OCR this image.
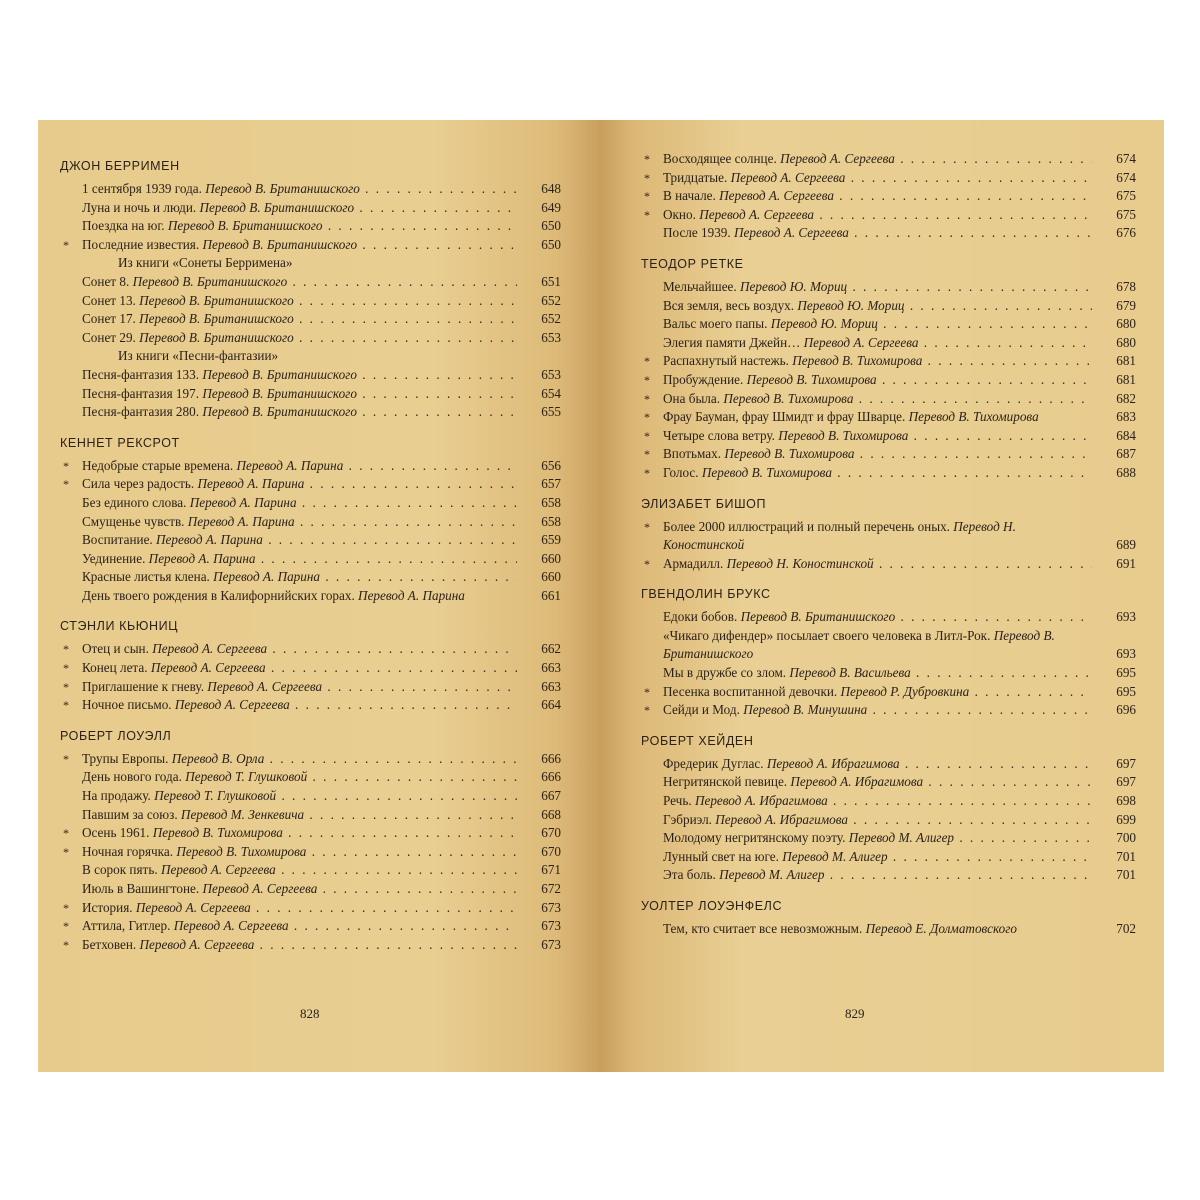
ДЖОН БЕРРИМЕН
1 сентября 1939 года. Перевод В. Британишского . . .	648
Луна и ночь и люди. Перевод В. Британишского . . .	649
Поездка на юг. Перевод В. Британишского . . .	650
* Последние известия. Перевод В. Британишского . . .	650
Из книги «Сонеты Берримена»
Сонет 8. Перевод В. Британишского . . .	651
Сонет 13. Перевод В. Британишского . . .	652
Сонет 17. Перевод В. Британишского . . .	652
Сонет 29. Перевод В. Британишского . . .	653
Из книги «Песни-фантазии»
Песня-фантазия 133. Перевод В. Британишского . . .	653
Песня-фантазия 197. Перевод В. Британишского . . .	654
Песня-фантазия 280. Перевод В. Британишского . . .	655
КЕННЕТ РЕКСРОТ
* Недобрые старые времена. Перевод А. Парина . . .	656
* Сила через радость. Перевод А. Парина . . .	657
Без единого слова. Перевод А. Парина . . .	658
Смущенье чувств. Перевод А. Парина . . .	658
Воспитание. Перевод А. Парина . . .	659
Уединение. Перевод А. Парина . . .	660
Красные листья клена. Перевод А. Парина . . .	660
День твоего рождения в Калифорнийских горах. Перевод А. Парина	661
СТЭНЛИ КЬЮНИЦ
* Отец и сын. Перевод А. Сергеева . . .	662
* Конец лета. Перевод А. Сергеева . . .	663
* Приглашение к гневу. Перевод А. Сергеева . . .	663
* Ночное письмо. Перевод А. Сергеева . . .	664
РОБЕРТ ЛОУЭЛЛ
* Трупы Европы. Перевод В. Орла . . .	666
День нового года. Перевод Т. Глушковой . . .	666
На продажу. Перевод Т. Глушковой . . .	667
Павшим за союз. Перевод М. Зенкевича . . .	668
* Осень 1961. Перевод В. Тихомирова . . .	670
* Ночная горячка. Перевод В. Тихомирова . . .	670
В сорок пять. Перевод А. Сергеева . . .	671
Июль в Вашингтоне. Перевод А. Сергеева . . .	672
* История. Перевод А. Сергеева . . .	673
* Аттила, Гитлер. Перевод А. Сергеева . . .	673
* Бетховен. Перевод А. Сергеева . . .	673
828
* Восходящее солнце. Перевод А. Сергеева . . .	674
* Тридцатые. Перевод А. Сергеева . . .	674
* В начале. Перевод А. Сергеева . . .	675
* Окно. Перевод А. Сергеева . . .	675
После 1939. Перевод А. Сергеева . . .	676
ТЕОДОР РЕТКЕ
Мельчайшее. Перевод Ю. Мориц . . .	678
Вся земля, весь воздух. Перевод Ю. Мориц . . .	679
Вальс моего папы. Перевод Ю. Мориц . . .	680
Элегия памяти Джейн… Перевод А. Сергеева . . .	680
* Распахнутый настежь. Перевод В. Тихомирова . . .	681
* Пробуждение. Перевод В. Тихомирова . . .	681
* Она была. Перевод В. Тихомирова . . .	682
* Фрау Бауман, фрау Шмидт и фрау Шварце. Перевод В. Тихомирова	683
* Четыре слова ветру. Перевод В. Тихомирова . . .	684
* Впотьмах. Перевод В. Тихомирова . . .	687
* Голос. Перевод В. Тихомирова . . .	688
ЭЛИЗАБЕТ БИШОП
* Более 2000 иллюстраций и полный перечень оных. Перевод Н. Коностинской	689
* Армадилл. Перевод Н. Коностинской . . .	691
ГВЕНДОЛИН БРУКС
Едоки бобов. Перевод В. Британишского . . .	693
«Чикаго дифендер» посылает своего человека в Литл-Рок. Перевод В. Британишского	693
Мы в дружбе со злом. Перевод В. Васильева . . .	695
* Песенка воспитанной девочки. Перевод Р. Дубровкина . . .	695
* Сейди и Мод. Перевод В. Минушина . . .	696
РОБЕРТ ХЕЙДЕН
Фредерик Дуглас. Перевод А. Ибрагимова . . .	697
Негритянской певице. Перевод А. Ибрагимова . . .	697
Речь. Перевод А. Ибрагимова . . .	698
Гэбриэл. Перевод А. Ибрагимова . . .	699
Молодому негритянскому поэту. Перевод М. Алигер . . .	700
Лунный свет на юге. Перевод М. Алигер . . .	701
Эта боль. Перевод М. Алигер . . .	701
УОЛТЕР ЛОУЭНФЕЛС
Тем, кто считает все невозможным. Перевод Е. Долматовского	702
829
